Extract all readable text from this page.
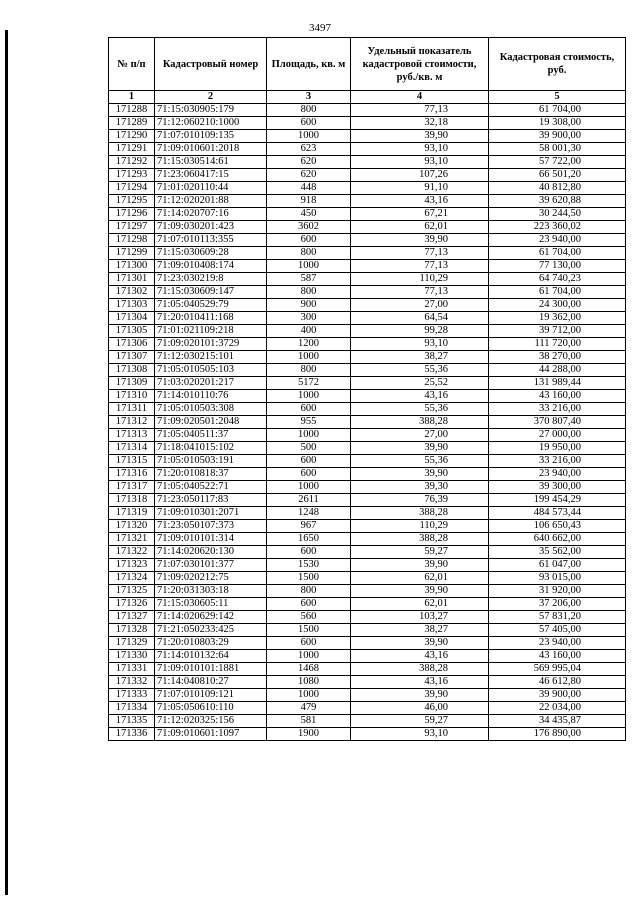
3497
№ п/п	Кадастровый номер	Площадь, кв. м	Удельный показатель кадастровой стоимости, руб./кв. м	Кадастровая стоимость, руб.
1	2	3	4	5
171288	71:15:030905:179	800	77,13	61 704,00
171289	71:12:060210:1000	600	32,18	19 308,00
171290	71:07:010109:135	1000	39,90	39 900,00
171291	71:09:010601:2018	623	93,10	58 001,30
171292	71:15:030514:61	620	93,10	57 722,00
171293	71:23:060417:15	620	107,26	66 501,20
171294	71:01:020110:44	448	91,10	40 812,80
171295	71:12:020201:88	918	43,16	39 620,88
171296	71:14:020707:16	450	67,21	30 244,50
171297	71:09:030201:423	3602	62,01	223 360,02
171298	71:07:010113:355	600	39,90	23 940,00
171299	71:15:030609:28	800	77,13	61 704,00
171300	71:09:010408:174	1000	77,13	77 130,00
171301	71:23:030219:8	587	110,29	64 740,23
171302	71:15:030609:147	800	77,13	61 704,00
171303	71:05:040529:79	900	27,00	24 300,00
171304	71:20:010411:168	300	64,54	19 362,00
171305	71:01:021109:218	400	99,28	39 712,00
171306	71:09:020101:3729	1200	93,10	111 720,00
171307	71:12:030215:101	1000	38,27	38 270,00
171308	71:05:010505:103	800	55,36	44 288,00
171309	71:03:020201:217	5172	25,52	131 989,44
171310	71:14:010110:76	1000	43,16	43 160,00
171311	71:05:010503:308	600	55,36	33 216,00
171312	71:09:020501:2048	955	388,28	370 807,40
171313	71:05:040511:37	1000	27,00	27 000,00
171314	71:18:041015:102	500	39,90	19 950,00
171315	71:05:010503:191	600	55,36	33 216,00
171316	71:20:010818:37	600	39,90	23 940,00
171317	71:05:040522:71	1000	39,30	39 300,00
171318	71:23:050117:83	2611	76,39	199 454,29
171319	71:09:010301:2071	1248	388,28	484 573,44
171320	71:23:050107:373	967	110,29	106 650,43
171321	71:09:010101:314	1650	388,28	640 662,00
171322	71:14:020620:130	600	59,27	35 562,00
171323	71:07:030101:377	1530	39,90	61 047,00
171324	71:09:020212:75	1500	62,01	93 015,00
171325	71:20:031303:18	800	39,90	31 920,00
171326	71:15:030605:11	600	62,01	37 206,00
171327	71:14:020629:142	560	103,27	57 831,20
171328	71:21:050233:425	1500	38,27	57 405,00
171329	71:20:010803:29	600	39,90	23 940,00
171330	71:14:010132:64	1000	43,16	43 160,00
171331	71:09:010101:1881	1468	388,28	569 995,04
171332	71:14:040810:27	1080	43,16	46 612,80
171333	71:07:010109:121	1000	39,90	39 900,00
171334	71:05:050610:110	479	46,00	22 034,00
171335	71:12:020325:156	581	59,27	34 435,87
171336	71:09:010601:1097	1900	93,10	176 890,00
